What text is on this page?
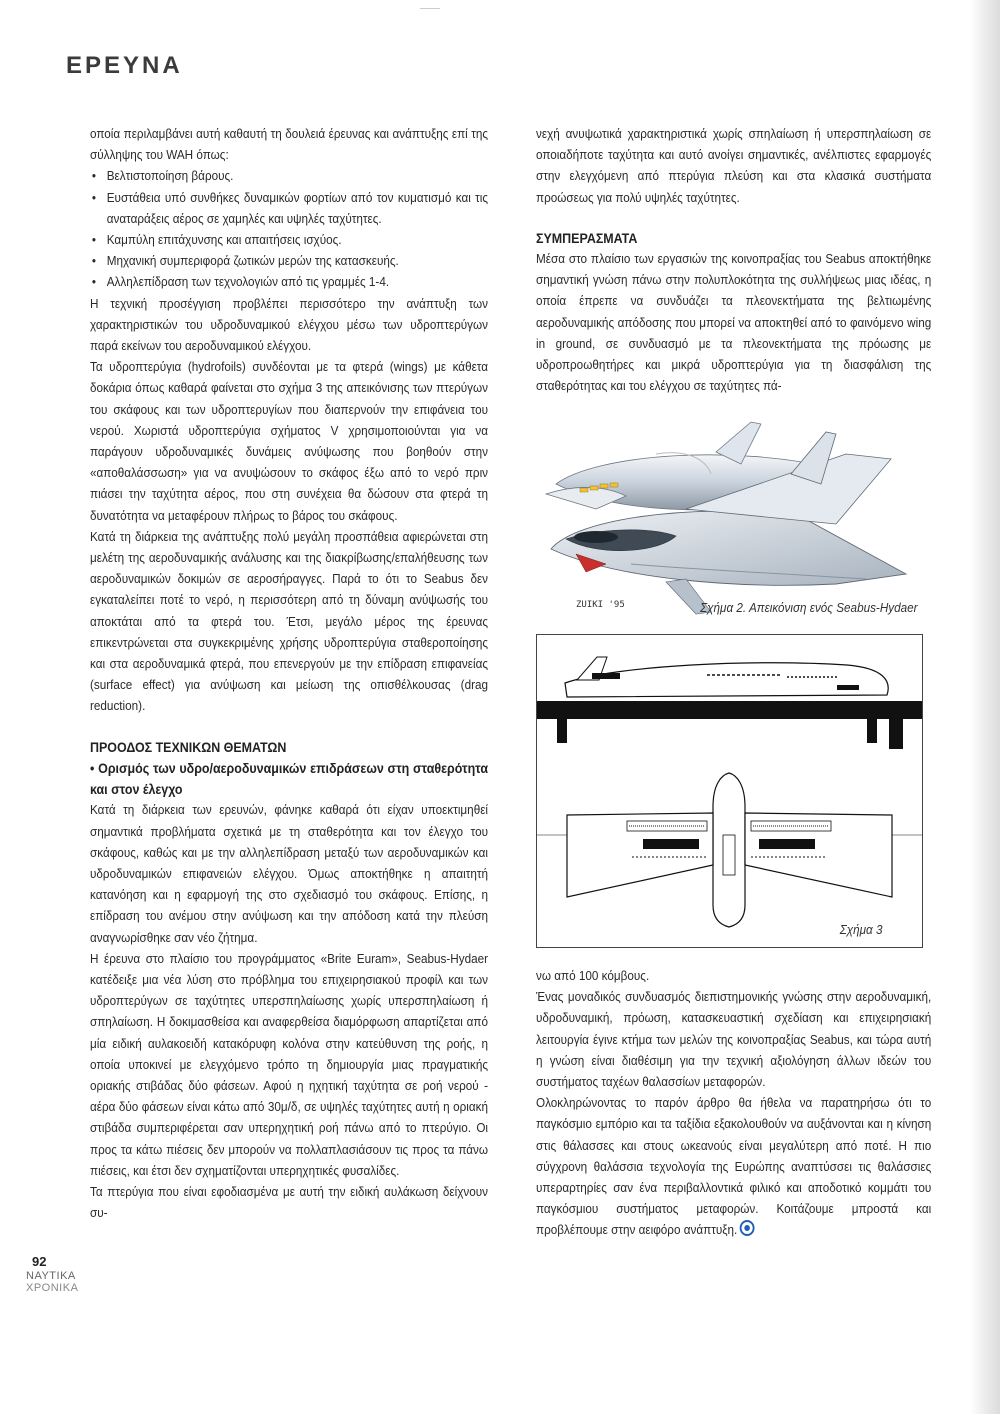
ΕΡΕΥΝΑ

οποία περιλαμβάνει αυτή καθαυτή τη δουλειά έρευνας και ανάπτυξης επί της σύλληψης του WAH όπως:

• Βελτιστοποίηση βάρους.
• Ευστάθεια υπό συνθήκες δυναμικών φορτίων από τον κυματισμό και τις αναταράξεις αέρος σε χαμηλές και υψηλές ταχύτητες.
• Καμπύλη επιτάχυνσης και απαιτήσεις ισχύος.
• Μηχανική συμπεριφορά ζωτικών μερών της κατασκευής.
• Αλληλεπίδραση των τεχνολογιών από τις γραμμές 1-4.

Η τεχνική προσέγγιση προβλέπει περισσότερο την ανάπτυξη των χαρακτηριστικών του υδροδυναμικού ελέγχου μέσω των υδροπτερύγων παρά εκείνων του αεροδυναμικού ελέγχου.

Τα υδροπτερύγια (hydrofoils) συνδέονται με τα φτερά (wings) με κάθετα δοκάρια όπως καθαρά φαίνεται στο σχήμα 3 της απεικόνισης των πτερύγων του σκάφους και των υδροπτερυγίων που διαπερνούν την επιφάνεια του νερού. Χωριστά υδροπτερύγια σχήματος V χρησιμοποιούνται για να παράγουν υδροδυναμικές δυνάμεις ανύψωσης που βοηθούν στην «αποθαλάσσωση» για να ανυψώσουν το σκάφος έξω από το νερό πριν πιάσει την ταχύτητα αέρος, που στη συνέχεια θα δώσουν στα φτερά τη δυνατότητα να μεταφέρουν πλήρως το βάρος του σκάφους.

Κατά τη διάρκεια της ανάπτυξης πολύ μεγάλη προσπάθεια αφιερώνεται στη μελέτη της αεροδυναμικής ανάλυσης και της διακρίβωσης/επαλήθευσης των αεροδυναμικών δοκιμών σε αεροσήραγγες. Παρά το ότι το Seabus δεν εγκαταλείπει ποτέ το νερό, η περισσότερη από τη δύναμη ανύψωσής του αποκτάται από τα φτερά του. Έτσι, μεγάλο μέρος της έρευνας επικεντρώνεται στα συγκεκριμένης χρήσης υδροπτερύγια σταθεροποίησης και στα αεροδυναμικά φτερά, που επενεργούν με την επίδραση επιφανείας (surface effect) για ανύψωση και μείωση της οπισθέλκουσας (drag reduction).

ΠΡΟΟΔΟΣ ΤΕΧΝΙΚΩΝ ΘΕΜΑΤΩΝ
• Ορισμός των υδρο/αεροδυναμικών επιδράσεων στη σταθερότητα και στον έλεγχο

Κατά τη διάρκεια των ερευνών, φάνηκε καθαρά ότι είχαν υποεκτιμηθεί σημαντικά προβλήματα σχετικά με τη σταθερότητα και τον έλεγχο του σκάφους, καθώς και με την αλληλεπίδραση μεταξύ των αεροδυναμικών και υδροδυναμικών επιφανειών ελέγχου. Όμως αποκτήθηκε η απαιτητή κατανόηση και η εφαρμογή της στο σχεδιασμό του σκάφους. Επίσης, η επίδραση του ανέμου στην ανύψωση και την απόδοση κατά την πλεύση αναγνωρίσθηκε σαν νέο ζήτημα.

Η έρευνα στο πλαίσιο του προγράμματος «Brite Euram», Seabus-Hydaer κατέδειξε μια νέα λύση στο πρόβλημα του επιχειρησιακού προφίλ και των υδροπτερύγων σε ταχύτητες υπερσπηλαίωσης χωρίς υπερσπηλαίωση ή σπηλαίωση. Η δοκιμασθείσα και αναφερθείσα διαμόρφωση απαρτίζεται από μία ειδική αυλακοειδή κατακόρυφη κολόνα στην κατεύθυνση της ροής, η οποία υποκινεί με ελεγχόμενο τρόπο τη δημιουργία μιας πραγματικής οριακής στιβάδας δύο φάσεων. Αφού η ηχητική ταχύτητα σε ροή νερού - αέρα δύο φάσεων είναι κάτω από 30μ/δ, σε υψηλές ταχύτητες αυτή η οριακή στιβάδα συμπεριφέρεται σαν υπερηχητική ροή πάνω από το πτερύγιο. Οι προς τα κάτω πιέσεις δεν μπορούν να πολλαπλασιάσουν τις προς τα πάνω πιέσεις, και έτσι δεν σχηματίζονται υπερηχητικές φυσαλίδες.

Τα πτερύγια που είναι εφοδιασμένα με αυτή την ειδική αυλάκωση δείχνουν συ-

νεχή ανυψωτικά χαρακτηριστικά χωρίς σπηλαίωση ή υπερσπηλαίωση σε οποιαδήποτε ταχύτητα και αυτό ανοίγει σημαντικές, ανέλπιστες εφαρμογές στην ελεγχόμενη από πτερύγια πλεύση και στα κλασικά συστήματα προώσεως για πολύ υψηλές ταχύτητες.

ΣΥΜΠΕΡΑΣΜΑΤΑ

Μέσα στο πλαίσιο των εργασιών της κοινοπραξίας του Seabus αποκτήθηκε σημαντική γνώση πάνω στην πολυπλοκότητα της συλλήψεως μιας ιδέας, η οποία έπρεπε να συνδυάζει τα πλεονεκτήματα της βελτιωμένης αεροδυναμικής απόδοσης που μπορεί να αποκτηθεί από το φαινόμενο wing in ground, σε συνδυασμό με τα πλεονεκτήματα της πρόωσης με υδροπροωθητήρες και μικρά υδροπτερύγια για τη διασφάλιση της σταθερότητας και του ελέγχου σε ταχύτητες πά-

ZUIKI '95	Σχήμα 2. Απεικόνιση ενός Seabus-Hydaer
Σχήμα 3

νω από 100 κόμβους.

Ένας μοναδικός συνδυασμός διεπιστημονικής γνώσης στην αεροδυναμική, υδροδυναμική, πρόωση, κατασκευαστική σχεδίαση και επιχειρησιακή λειτουργία έγινε κτήμα των μελών της κοινοπραξίας Seabus, και τώρα αυτή η γνώση είναι διαθέσιμη για την τεχνική αξιολόγηση άλλων ιδεών του συστήματος ταχέων θαλασσίων μεταφορών.

Ολοκληρώνοντας το παρόν άρθρο θα ήθελα να παρατηρήσω ότι το παγκόσμιο εμπόριο και τα ταξίδια εξακολουθούν να αυξάνονται και η κίνηση στις θάλασσες και στους ωκεανούς είναι μεγαλύτερη από ποτέ. Η πιο σύγχρονη θαλάσσια τεχνολογία της Ευρώπης αναπτύσσει τις θαλάσσιες υπεραρτηρίες σαν ένα περιβαλλοντικά φιλικό και αποδοτικό κομμάτι του παγκόσμιου συστήματος μεταφορών. Κοιτάζουμε μπροστά και προβλέπουμε στην αειφόρο ανάπτυξη.

92
ΝΑΥΤΙΚΑ
ΧΡΟΝΙΚΑ
